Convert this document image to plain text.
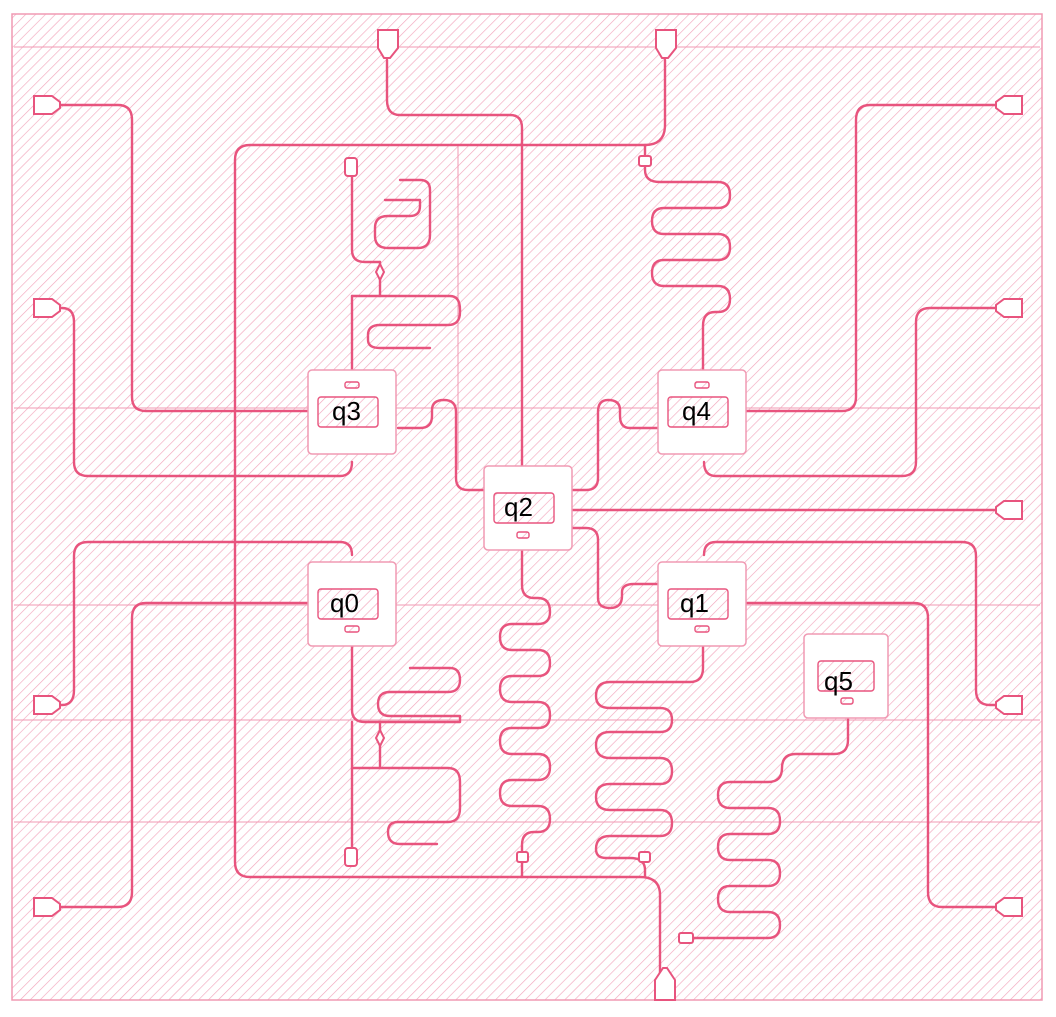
q3	q4
q2
q0	q1
q5
